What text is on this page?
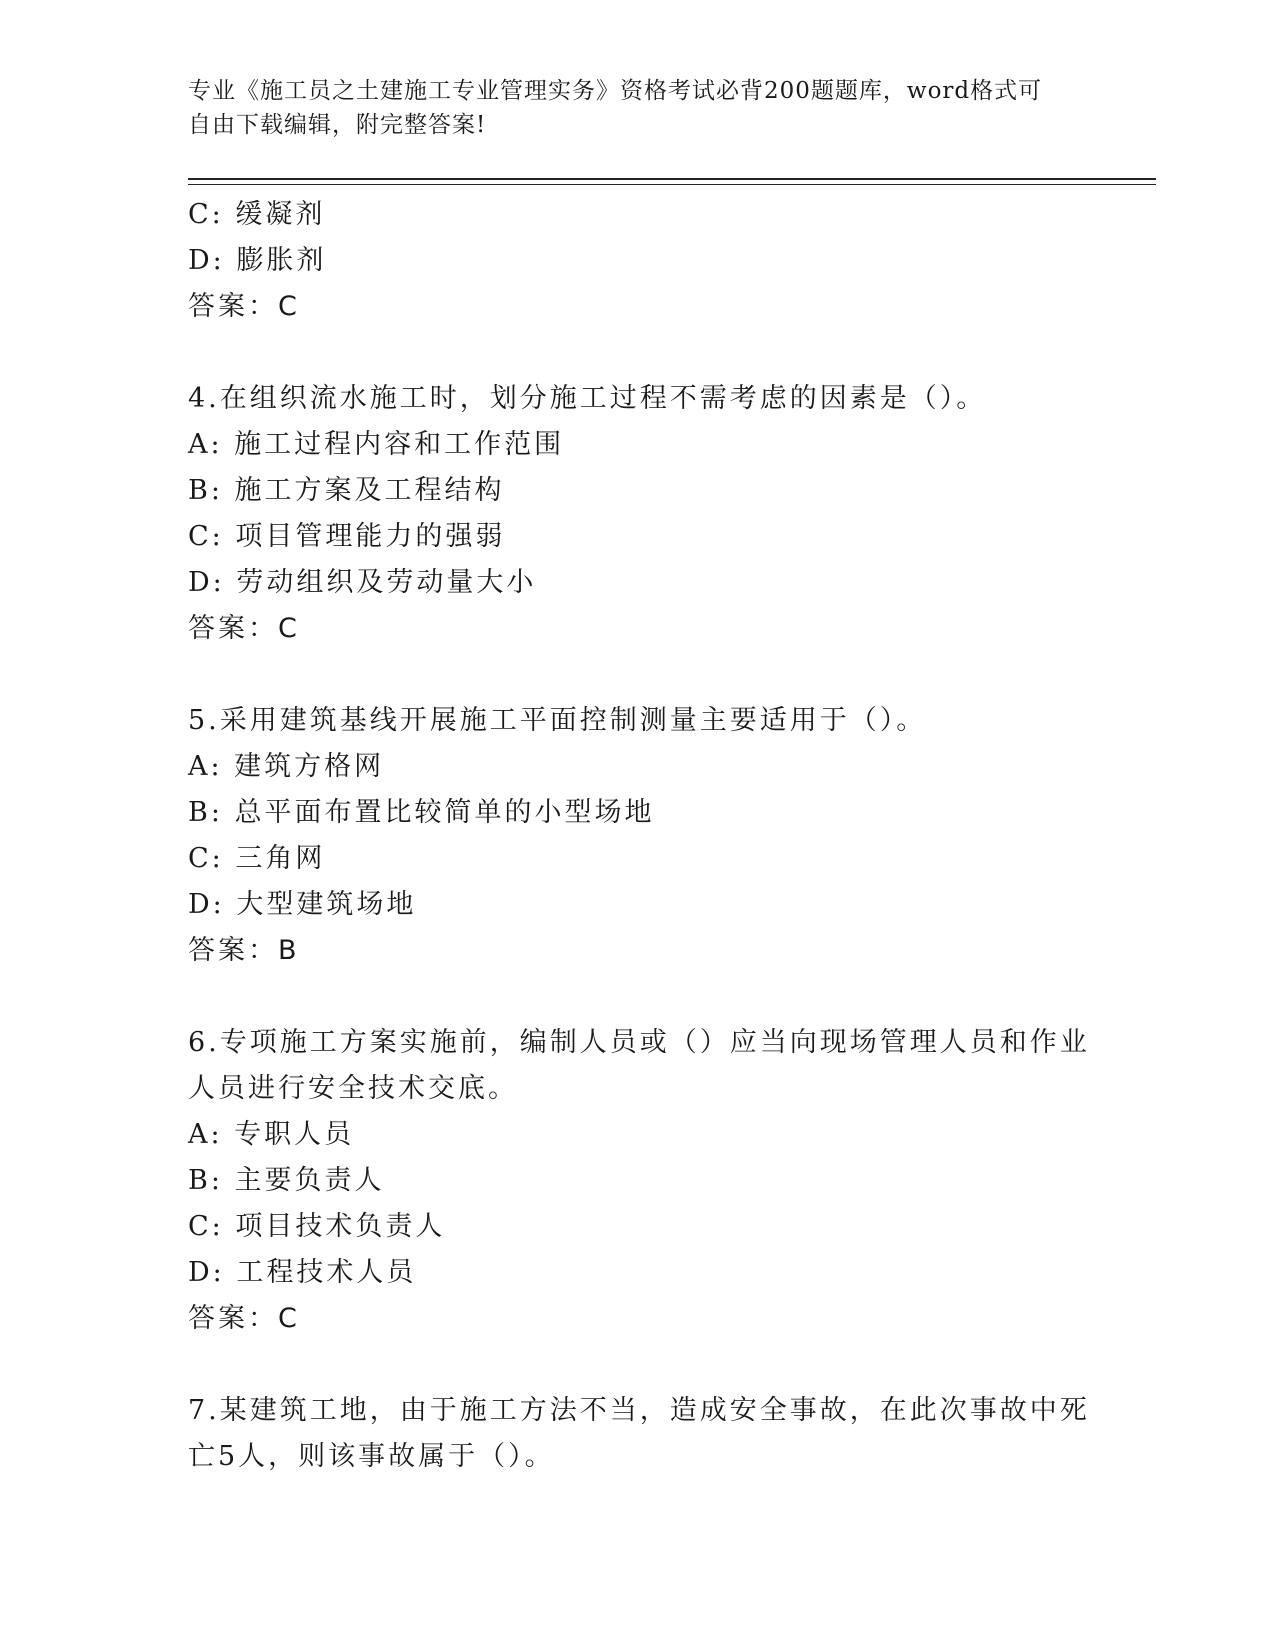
专业《施工员之土建施工专业管理实务》资格考试必背200题题库，word格式可
自由下载编辑，附完整答案!
C: 缓凝剂
D: 膨胀剂
答案：C
4.在组织流水施工时，划分施工过程不需考虑的因素是（）。
A: 施工过程内容和工作范围
B: 施工方案及工程结构
C: 项目管理能力的强弱
D: 劳动组织及劳动量大小
答案：C
5.采用建筑基线开展施工平面控制测量主要适用于（）。
A: 建筑方格网
B: 总平面布置比较简单的小型场地
C: 三角网
D: 大型建筑场地
答案：B
6.专项施工方案实施前，编制人员或（）应当向现场管理人员和作业
人员进行安全技术交底。
A: 专职人员
B: 主要负责人
C: 项目技术负责人
D: 工程技术人员
答案：C
7.某建筑工地，由于施工方法不当，造成安全事故，在此次事故中死
亡5人，则该事故属于（）。
